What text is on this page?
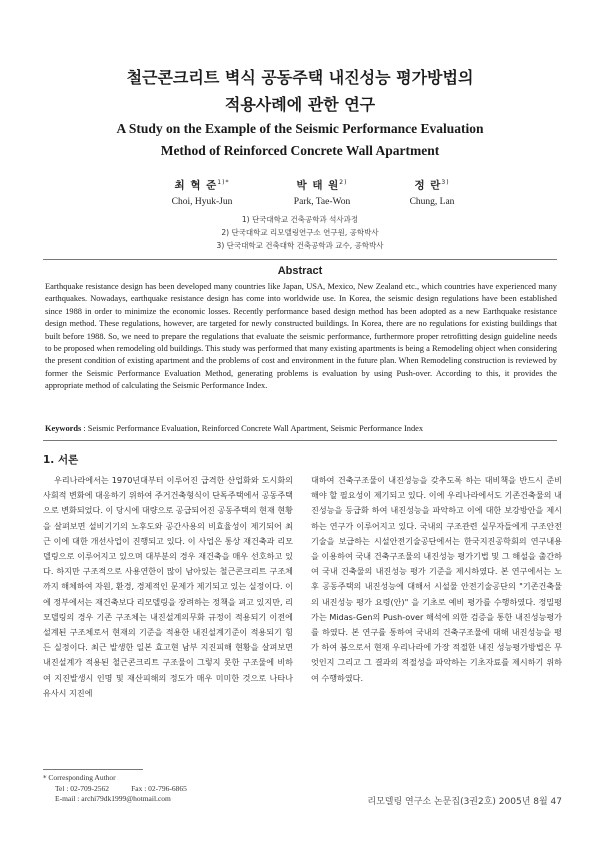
철근콘크리트 벽식 공동주택 내진성능 평가방법의
적용사례에 관한 연구
A Study on the Example of the Seismic Performance Evaluation
Method of Reinforced Concrete Wall Apartment
최 혁 준$^{1)*}$
Choi, Hyuk-Jun
박 태 원$^{2)}$
Park, Tae-Won
정 란$^{3)}$
Chung, Lan
1) 단국대학교 건축공학과 석사과정
2) 단국대학교 리모델링연구소 연구원, 공학박사
3) 단국대학교 건축대학 건축공학과 교수, 공학박사
Abstract
Earthquake resistance design has been developed many countries like Japan, USA, Mexico, New Zealand etc., which countries have experienced many earthquakes. Nowadays, earthquake resistance design has come into worldwide use. In Korea, the seismic design regulations have been established since 1988 in order to minimize the economic losses. Recently performance based design method has been adopted as a new Earthquake resistance design method. These regulations, however, are targeted for newly constructed buildings. In Korea, there are no regulations for existing buildings that built before 1988. So, we need to prepare the regulations that evaluate the seismic performance, furthermore proper retrofitting design guideline needs to be proposed when remodeling old buildings. This study was performed that many existing apartments is being a Remodeling object when considering the present condition of existing apartment and the problems of cost and environment in the future plan. When Remodeling construction is reviewed by former the Seismic Performance Evaluation Method, generating problems is evaluation by using Push-over. According to this, it provides the appropriate method of calculating the Seismic Performance Index.
Keywords : Seismic Performance Evaluation, Reinforced Concrete Wall Apartment, Seismic Performance Index
1. 서론

우리나라에서는 1970년대부터 이루어진 급격한 산업화와 도시화의 사회적 변화에 대응하기 위하여 주거건축형식이 단독주택에서 공동주택으로 변화되었다. 이 당시에 대량으로 공급되어진 공동주택의 현재 현황을 살펴보면 설비기기의 노후도와 공간사용의 비효율성이 제기되어 최근 이에 대한 개선사업이 진행되고 있다. 이 사업은 통상 재건축과 리모델링으로 이루어지고 있으며 대부분의 경우 재건축을 매우 선호하고 있다. 하지만 구조적으로 사용연한이 많이 남아있는 철근콘크리트 구조체까지 해체하여 자원, 환경, 경제적인 문제가 제기되고 있는 실정이다. 이에 정부에서는 재건축보다 리모델링을 장려하는 정책을 펴고 있지만, 리모델링의 경우 기존 구조체는 내진설계의무화 규정이 적용되기 이전에 설계된 구조체로서 현재의 기준을 적용한 내진설계기준이 적용되기 힘든 실정이다. 최근 발생한 일본 효고현 남부 지진피해 현황을 살펴보면 내진설계가 적용된 철근콘크리트 구조물이 그렇지 못한 구조물에 비하여 지진발생시 인명 및 재산피해의 정도가 매우 미미한 것으로 나타나 유사시 지진에

대하여 건축구조물이 내진성능을 갖추도록 하는 대비책을 반드시 준비해야 할 필요성이 제기되고 있다. 이에 우리나라에서도 기존건축물의 내진성능을 등급화 하여 내진성능을 파악하고 이에 대한 보강방안을 제시하는 연구가 이루어지고 있다. 국내의 구조관련 실무자들에게 구조안전기술을 보급하는 시설안전기술공단에서는 한국지진공학회의 연구내용을 이용하여 국내 건축구조물의 내진성능 평가기법 및 그 해설을 출간하여 국내 건축물의 내진성능 평가 기준을 제시하였다. 본 연구에서는 노후 공동주택의 내진성능에 대해서 시설물 안전기술공단의 "기존건축물의 내진성능 평가 요령(안)" 을 기초로 예비 평가를 수행하였다. 정밀평가는 Midas-Gen의 Push-over 해석에 의한 검증을 통한 내진성능평가를 하였다. 본 연구를 통하여 국내의 건축구조물에 대해 내진성능을 평가 하여 봄으로서 현재 우리나라에 가장 적절한 내진 성능평가방법은 무엇인지 그리고 그 결과의 적절성을 파악하는 기초자료를 제시하기 위하여 수행하였다.

* Corresponding Author
Tel : 02-709-2562	Fax : 02-796-6865
E-mail : archi79dk1999@hotmail.com	리모델링 연구소 논문집(3권2호) 2005년 8월 47
